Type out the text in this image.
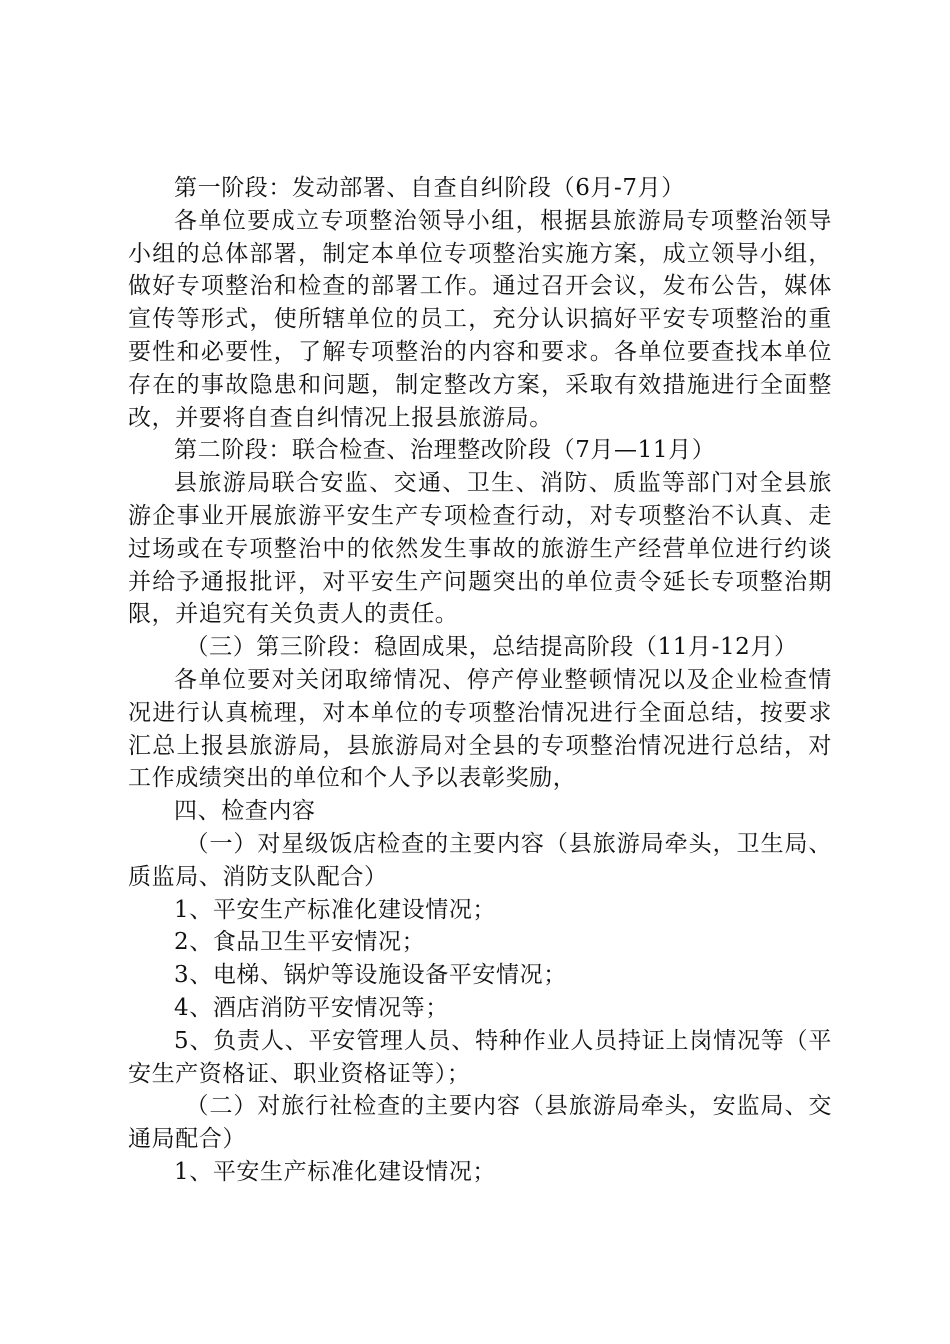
第一阶段：发动部署、自查自纠阶段（6月-7月）

各单位要成立专项整治领导小组，根据县旅游局专项整治领导小组的总体部署，制定本单位专项整治实施方案，成立领导小组，做好专项整治和检查的部署工作。通过召开会议，发布公告，媒体宣传等形式，使所辖单位的员工，充分认识搞好平安专项整治的重要性和必要性，了解专项整治的内容和要求。各单位要查找本单位存在的事故隐患和问题，制定整改方案，采取有效措施进行全面整改，并要将自查自纠情况上报县旅游局。

第二阶段：联合检查、治理整改阶段（7月—11月）

县旅游局联合安监、交通、卫生、消防、质监等部门对全县旅游企事业开展旅游平安生产专项检查行动，对专项整治不认真、走过场或在专项整治中的依然发生事故的旅游生产经营单位进行约谈并给予通报批评，对平安生产问题突出的单位责令延长专项整治期限，并追究有关负责人的责任。

（三）第三阶段：稳固成果，总结提高阶段（11月-12月）

各单位要对关闭取缔情况、停产停业整顿情况以及企业检查情况进行认真梳理，对本单位的专项整治情况进行全面总结，按要求汇总上报县旅游局，县旅游局对全县的专项整治情况进行总结，对工作成绩突出的单位和个人予以表彰奖励，

四、检查内容

（一）对星级饭店检查的主要内容（县旅游局牵头，卫生局、质监局、消防支队配合）

1、平安生产标准化建设情况；

2、食品卫生平安情况；

3、电梯、锅炉等设施设备平安情况；

4、酒店消防平安情况等；

5、负责人、平安管理人员、特种作业人员持证上岗情况等（平安生产资格证、职业资格证等）；

（二）对旅行社检查的主要内容（县旅游局牵头，安监局、交通局配合）

1、平安生产标准化建设情况；
